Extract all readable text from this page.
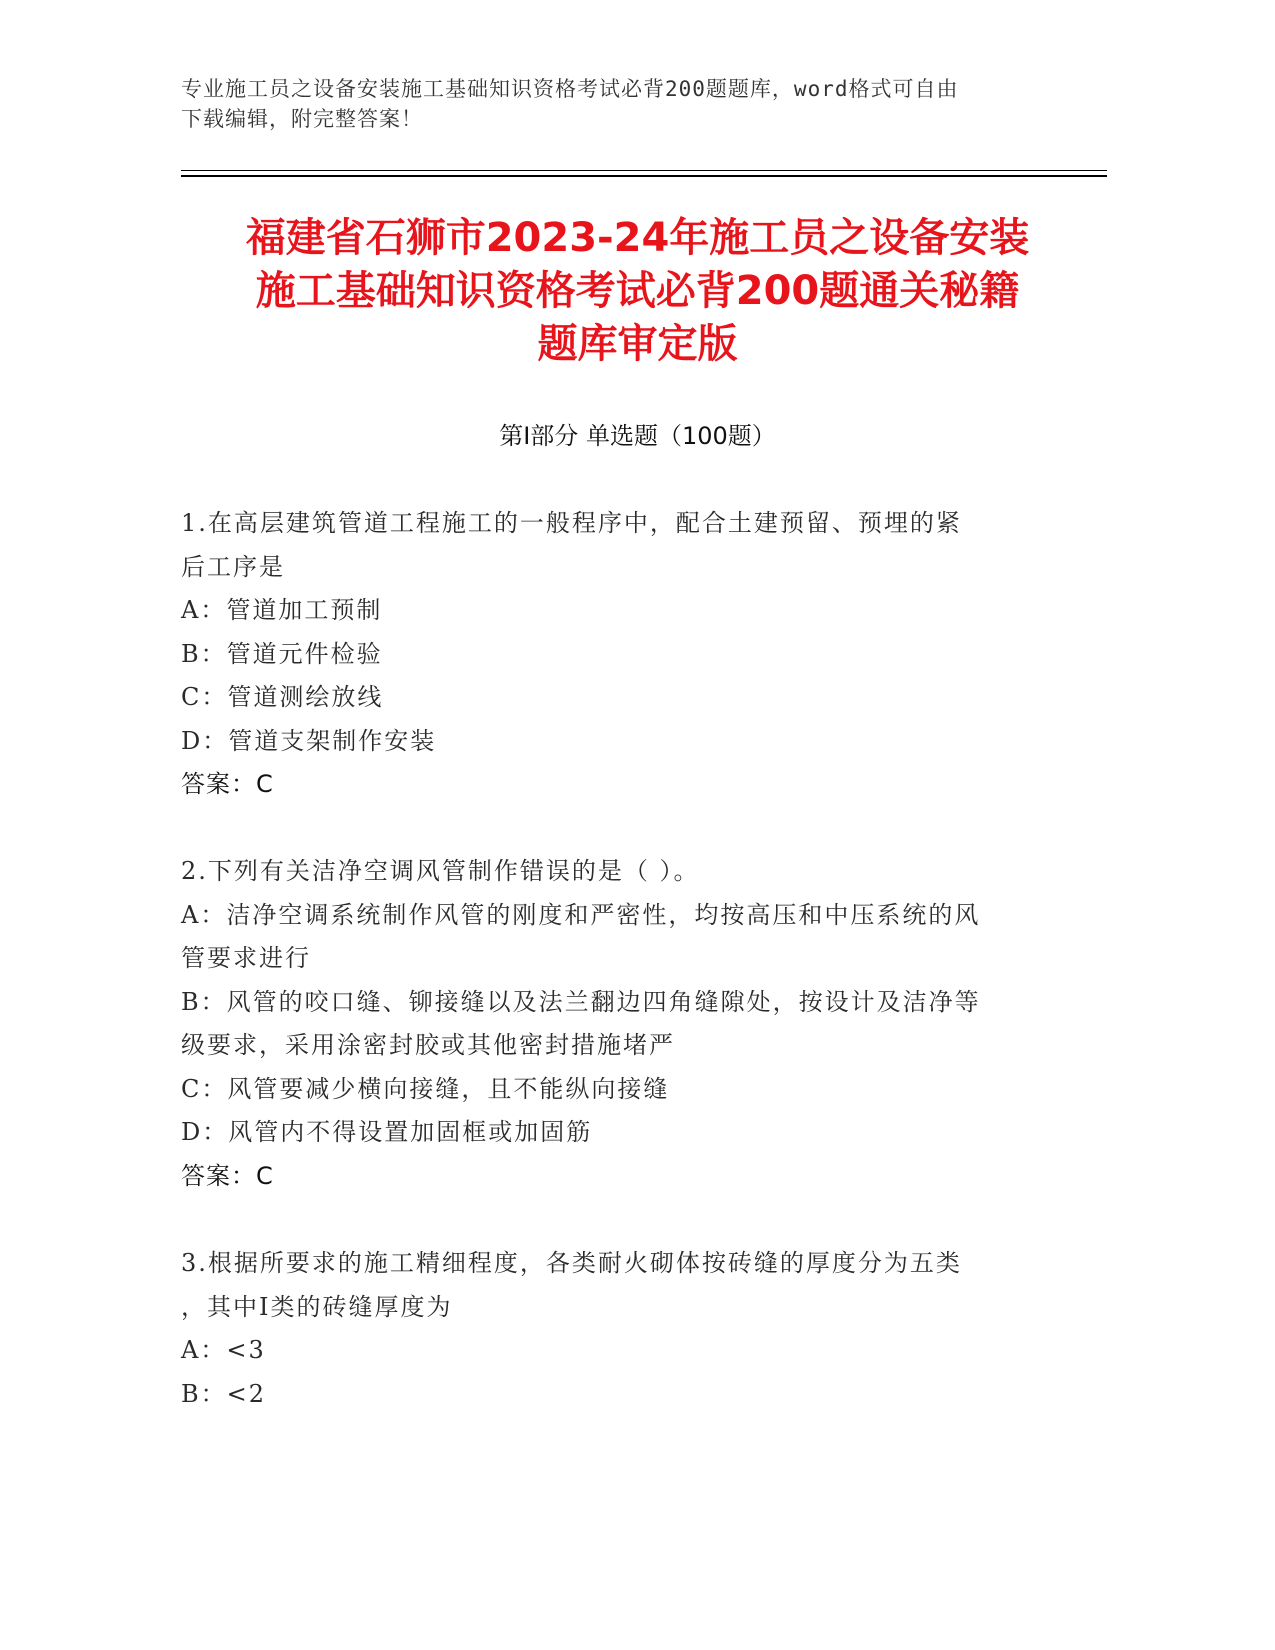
专业施工员之设备安装施工基础知识资格考试必背200题题库，word格式可自由
下载编辑，附完整答案！
福建省石狮市2023-24年施工员之设备安装
施工基础知识资格考试必背200题通关秘籍
题库审定版
第Ⅰ部分 单选题（100题）
1.在高层建筑管道工程施工的一般程序中，配合土建预留、预埋的紧
后工序是
A：管道加工预制
B：管道元件检验
C：管道测绘放线
D：管道支架制作安装
答案：C
2.下列有关洁净空调风管制作错误的是（ ）。
A：洁净空调系统制作风管的刚度和严密性，均按高压和中压系统的风
管要求进行
B：风管的咬口缝、铆接缝以及法兰翻边四角缝隙处，按设计及洁净等
级要求，采用涂密封胶或其他密封措施堵严
C：风管要减少横向接缝，且不能纵向接缝
D：风管内不得设置加固框或加固筋
答案：C
3.根据所要求的施工精细程度，各类耐火砌体按砖缝的厚度分为五类
，其中Ⅰ类的砖缝厚度为
A：<3
B：<2
